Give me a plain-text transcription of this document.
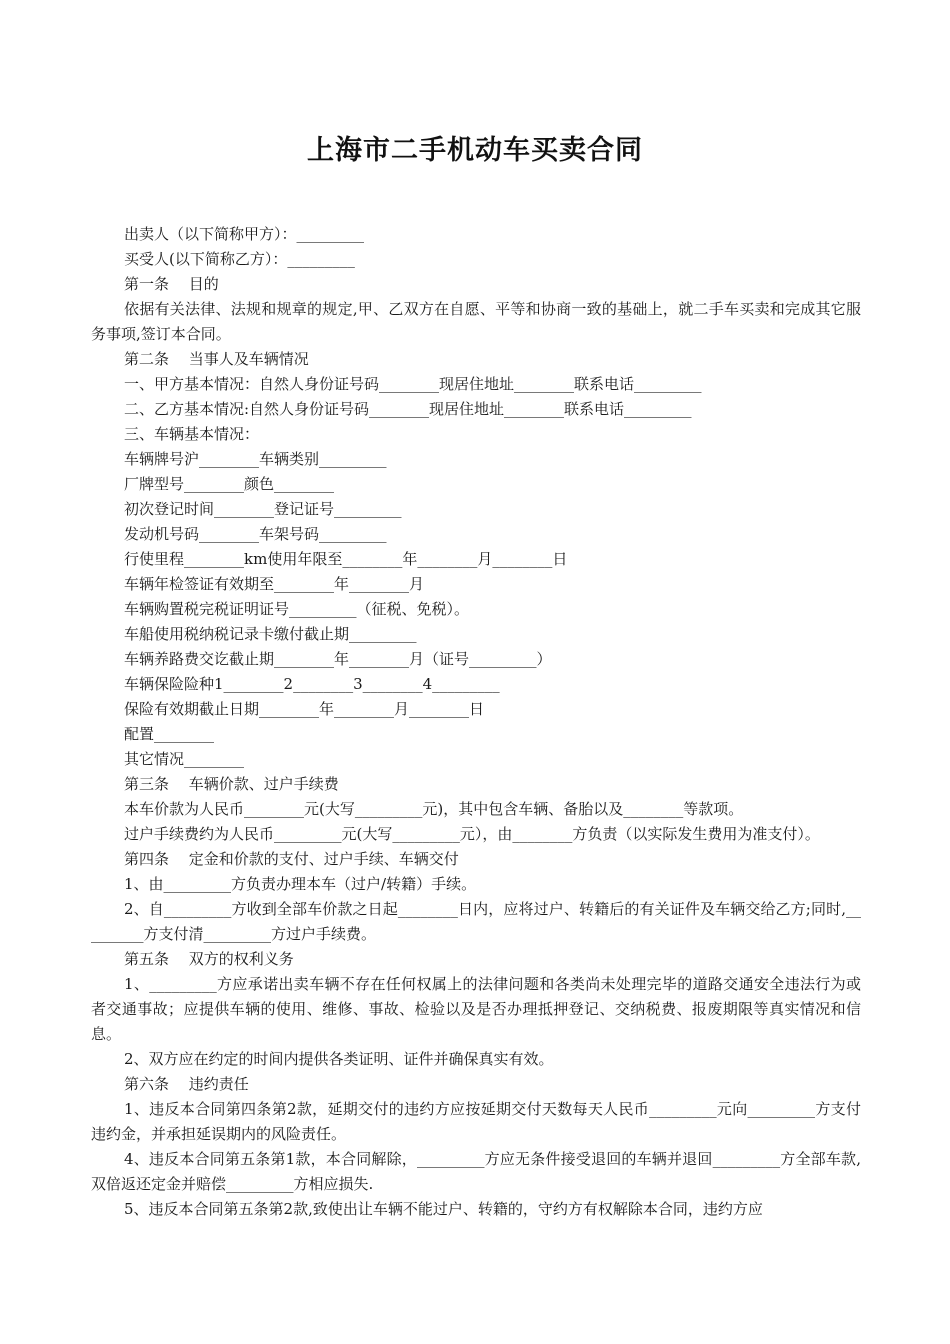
上海市二手机动车买卖合同

出卖人（以下简称甲方）：_________

买受人(以下简称乙方）：_________

第一条　 目的

依据有关法律、法规和规章的规定,甲、乙双方在自愿、平等和协商一致的基础上，就二手车买卖和完成其它服务事项,签订本合同。

第二条　 当事人及车辆情况

一、甲方基本情况：自然人身份证号码________现居住地址________联系电话_________

二、乙方基本情况:自然人身份证号码________现居住地址________联系电话_________

三、车辆基本情况：

车辆牌号沪________车辆类别_________

厂牌型号________颜色________

初次登记时间________登记证号_________

发动机号码________车架号码_________

行使里程________km使用年限至________年________月________日

车辆年检签证有效期至________年________月

车辆购置税完税证明证号_________（征税、免税）。

车船使用税纳税记录卡缴付截止期_________

车辆养路费交讫截止期________年________月（证号_________）

车辆保险险种1________2________3________4_________

保险有效期截止日期________年________月________日

配置________

其它情况________

第三条　 车辆价款、过户手续费

本车价款为人民币________元(大写_________元)，其中包含车辆、备胎以及________等款项。

过户手续费约为人民币_________元(大写_________元），由________方负责（以实际发生费用为准支付）。

第四条　 定金和价款的支付、过户手续、车辆交付

1、由_________方负责办理本车（过户/转籍）手续。

2、自_________方收到全部车价款之日起________日内，应将过户、转籍后的有关证件及车辆交给乙方;同时,_________方支付清_________方过户手续费。

第五条　 双方的权利义务

1、_________方应承诺出卖车辆不存在任何权属上的法律问题和各类尚未处理完毕的道路交通安全违法行为或者交通事故；应提供车辆的使用、维修、事故、检验以及是否办理抵押登记、交纳税费、报废期限等真实情况和信息。

2、双方应在约定的时间内提供各类证明、证件并确保真实有效。

第六条　 违约责任

1、违反本合同第四条第2款，延期交付的违约方应按延期交付天数每天人民币_________元向_________方支付违约金，并承担延误期内的风险责任。

4、违反本合同第五条第1款，本合同解除，_________方应无条件接受退回的车辆并退回_________方全部车款,双倍返还定金并赔偿_________方相应损失.

5、违反本合同第五条第2款,致使出让车辆不能过户、转籍的，守约方有权解除本合同，违约方应
